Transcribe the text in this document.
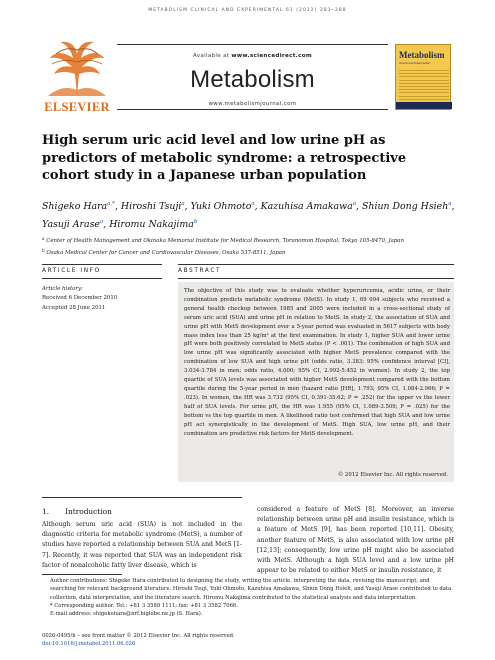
METABOLISM CLINICAL AND EXPERIMENTAL 61 (2012) 281–288
ELSEVIER
Available at www.sciencedirect.com
Metabolism
www.metabolismjournal.com
Metabolism
Clinical and Experimental
High serum uric acid level and low urine pH as predictors of metabolic syndrome: a retrospective cohort study in a Japanese urban population
Shigeko Hara$^{a,*}$, Hiroshi Tsuji$^a$, Yuki Ohmoto$^a$, Kazuhisa Amakawa$^a$, Shiun Dong Hsieh$^a$,
Yasuji Arase$^a$, Hiromu Nakajima$^b$
$^a$ Center of Health Management and Okinaka Memorial Institute for Medical Research, Toranomon Hospital, Tokyo 105-8470, Japan
$^b$ Osaka Medical Center for Cancer and Cardiovascular Diseases, Osaka 537-8511, Japan
ARTICLE INFO	ABSTRACT
Article history:
Received 6 December 2010
Accepted 28 June 2011
The objective of this study was to evaluate whether hyperuricemia, acidic urine, or their combination predicts metabolic syndrome (MetS). In study 1, 69 094 subjects who received a general health checkup between 1985 and 2005 were included in a cross-sectional study of serum uric acid (SUA) and urine pH in relation to MetS. In study 2, the association of SUA and urine pH with MetS development over a 5-year period was evaluated in 5617 subjects with body mass index less than 25 kg/m² at the first examination. In study 1, higher SUA and lower urine pH were both positively correlated to MetS status (P < .001). The combination of high SUA and low urine pH was significantly associated with higher MetS prevalence compared with the combination of low SUA and high urine pH (odds ratio, 3.383; 95% confidence interval [CI], 3.034-3.784 in men; odds ratio, 4.000; 95% CI, 2.992-5.452 in women). In study 2, the top quartile of SUA levels was associated with higher MetS development compared with the bottom quartile during the 5-year period in men (hazard ratio [HR], 1.793; 95% CI, 1.084-2.966; P = .023). In women, the HR was 3.732 (95% CI, 0.391-35.62; P = .252) for the upper vs the lower half of SUA levels. For urine pH, the HR was 1.955 (95% CI, 1.089-3.509; P = .025) for the bottom vs the top quartile in men. A likelihood ratio test confirmed that high SUA and low urine pH act synergistically in the development of MetS. High SUA, low urine pH, and their combination are predictive risk factors for MetS development.
© 2012 Elsevier Inc. All rights reserved.
1. Introduction
Although serum uric acid (SUA) is not included in the diagnostic criteria for metabolic syndrome (MetS), a number of studies have reported a relationship between SUA and MetS [1-7]. Recently, it was reported that SUA was an independent risk factor of nonalcoholic fatty liver disease, which is
considered a feature of MetS [8]. Moreover, an inverse relationship between urine pH and insulin resistance, which is a feature of MetS [9], has been reported [10,11]. Obesity, another feature of MetS, is also associated with low urine pH [12,13]; consequently, low urine pH might also be associated with MetS. Although a high SUA level and a low urine pH appear to be related to either MetS or insulin resistance, it
Author contributions: Shigeko Hara contributed to designing the study, writing the article, interpreting the data, revising the manuscript, and searching for relevant background literature. Hiroshi Tsuji, Yuki Ohmoto, Kazuhisa Amakawa, Shiun Dong Hsieh, and Yasuji Arase contributed to data collection, data interpretation, and the literature search. Hiromu Nakajima contributed to the statistical analysis and data interpretation.
* Corresponding author. Tel.: +81 3 3588 1111; fax: +81 3 3582 7068.
E-mail address: shigekohara@nrf.biglobe.ne.jp (S. Hara).
0026-0495/$ – see front matter © 2012 Elsevier Inc. All rights reserved.
doi:10.1016/j.metabol.2011.06.026
